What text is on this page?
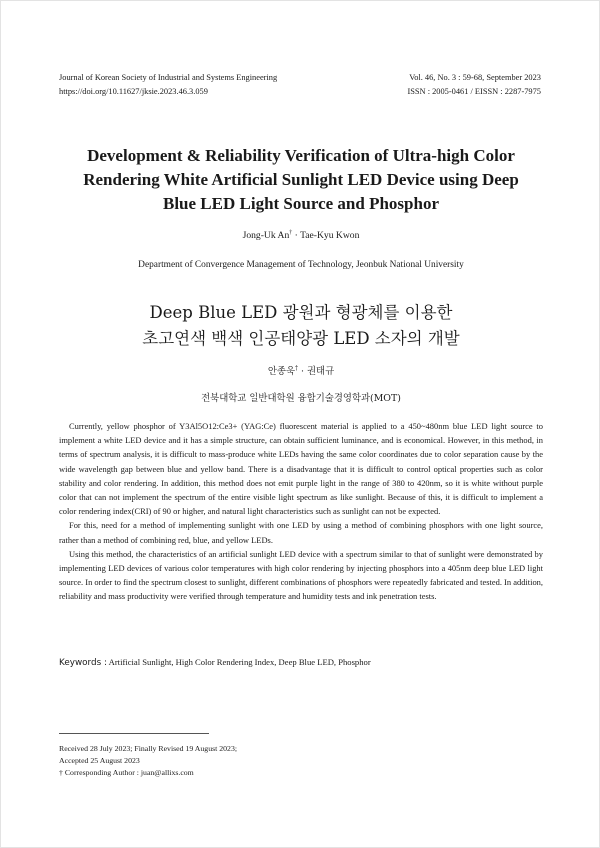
Journal of Korean Society of Industrial and Systems Engineering
https://doi.org/10.11627/jksie.2023.46.3.059
Vol. 46, No. 3 : 59-68, September 2023
ISSN : 2005-0461 / EISSN : 2287-7975
Development & Reliability Verification of Ultra-high Color
Rendering White Artificial Sunlight LED Device using Deep
Blue LED Light Source and Phosphor
Jong-Uk An† · Tae-Kyu Kwon
Department of Convergence Management of Technology, Jeonbuk National University
Deep Blue LED 광원과 형광체를 이용한
초고연색 백색 인공태양광 LED 소자의 개발
안종욱† · 권태규
전북대학교 일반대학원 융합기술경영학과(MOT)

Currently, yellow phosphor of Y3Al5O12:Ce3+ (YAG:Ce) fluorescent material is applied to a 450~480nm blue LED light source to implement a white LED device and it has a simple structure, can obtain sufficient luminance, and is economical. However, in this method, in terms of spectrum analysis, it is difficult to mass-produce white LEDs having the same color coordinates due to color separation cause by the wide wavelength gap between blue and yellow band. There is a disadvantage that it is difficult to control optical properties such as color stability and color rendering. In addition, this method does not emit purple light in the range of 380 to 420nm, so it is white without purple color that can not implement the spectrum of the entire visible light spectrum as like sunlight. Because of this, it is difficult to implement a color rendering index(CRI) of 90 or higher, and natural light characteristics such as sunlight can not be expected.

For this, need for a method of implementing sunlight with one LED by using a method of combining phosphors with one light source, rather than a method of combining red, blue, and yellow LEDs.

Using this method, the characteristics of an artificial sunlight LED device with a spectrum similar to that of sunlight were demonstrated by implementing LED devices of various color temperatures with high color rendering by injecting phosphors into a 405nm deep blue LED light source. In order to find the spectrum closest to sunlight, different combinations of phosphors were repeatedly fabricated and tested. In addition, reliability and mass productivity were verified through temperature and humidity tests and ink penetration tests.

Keywords : Artificial Sunlight, High Color Rendering Index, Deep Blue LED, Phosphor
Received 28 July 2023; Finally Revised 19 August 2023;
Accepted 25 August 2023
† Corresponding Author : juan@allixs.com
